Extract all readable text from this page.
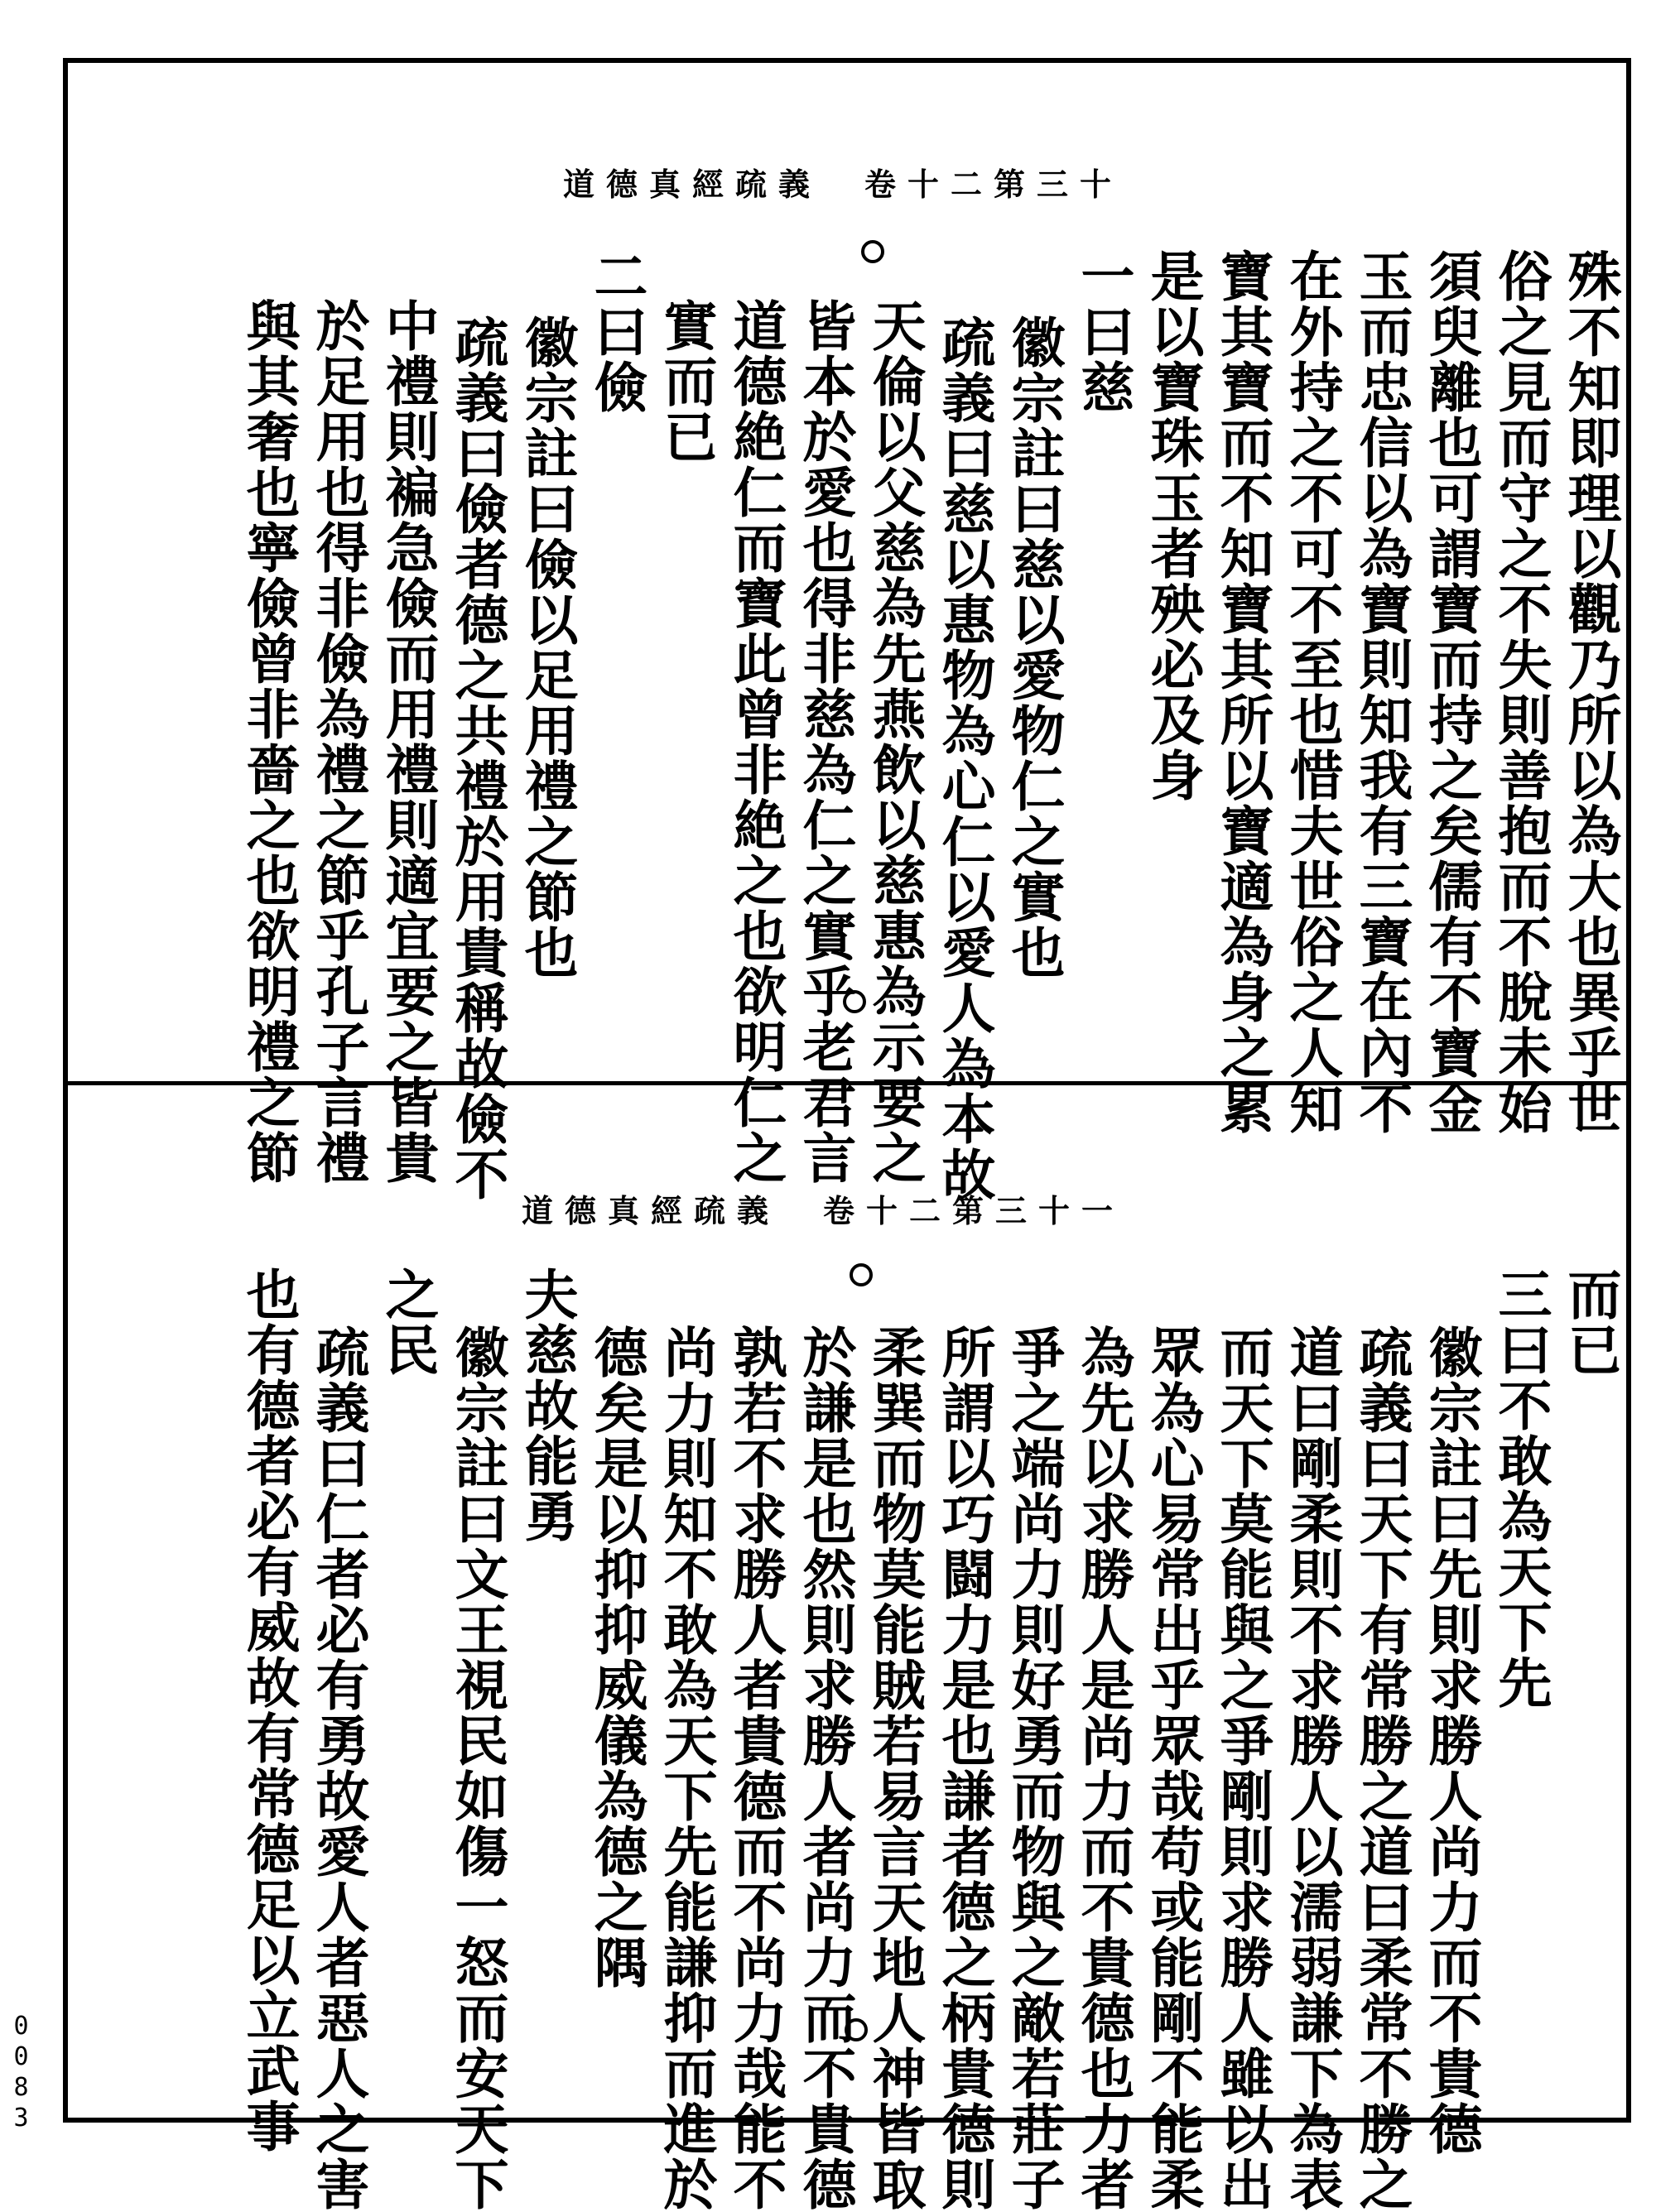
道德真經疏義　卷十二第三十
道德真經疏義　卷十二第三十一
殊不知即理以觀乃所以為大也異乎世
俗之見而守之不失則善抱而不脫未始
須臾離也可謂寶而持之矣儒有不寶金
玉而忠信以為寶則知我有三寶在內不
在外持之不可不至也惜夫世俗之人知
寶其寶而不知寶其所以寶適為身之累
是以寶珠玉者殃必及身
一曰慈
徽宗註曰慈以愛物仁之實也
疏義曰慈以惠物為心仁以愛人為本故
天倫以父慈為先燕飲以慈惠為示要之
皆本於愛也得非慈為仁之實乎老君言
道德絶仁而寶此曾非絶之也欲明仁之
實而已
二曰儉
徽宗註曰儉以足用禮之節也
疏義曰儉者德之共禮於用貴稱故儉不
中禮則褊急儉而用禮則適宜要之皆貴
於足用也得非儉為禮之節乎孔子言禮
與其奢也寧儉曾非嗇之也欲明禮之節
而已
三曰不敢為天下先
徽宗註曰先則求勝人尚力而不貴德
疏義曰天下有常勝之道曰柔常不勝之
道曰剛柔則不求勝人以濡弱謙下為表
而天下莫能與之爭剛則求勝人雖以出
眾為心易常出乎眾哉苟或能剛不能柔
為先以求勝人是尚力而不貴德也力者
爭之端尚力則好勇而物與之敵若莊子
所謂以巧闘力是也謙者德之柄貴德則
柔巽而物莫能賊若易言天地人神皆取
於謙是也然則求勝人者尚力而不貴德
孰若不求勝人者貴德而不尚力哉能不
尚力則知不敢為天下先能謙抑而進於
德矣是以抑抑威儀為德之隅
夫慈故能勇
徽宗註曰文王視民如傷一怒而安天下
之民
疏義曰仁者必有勇故愛人者惡人之害
也有德者必有威故有常德足以立武事
0083
